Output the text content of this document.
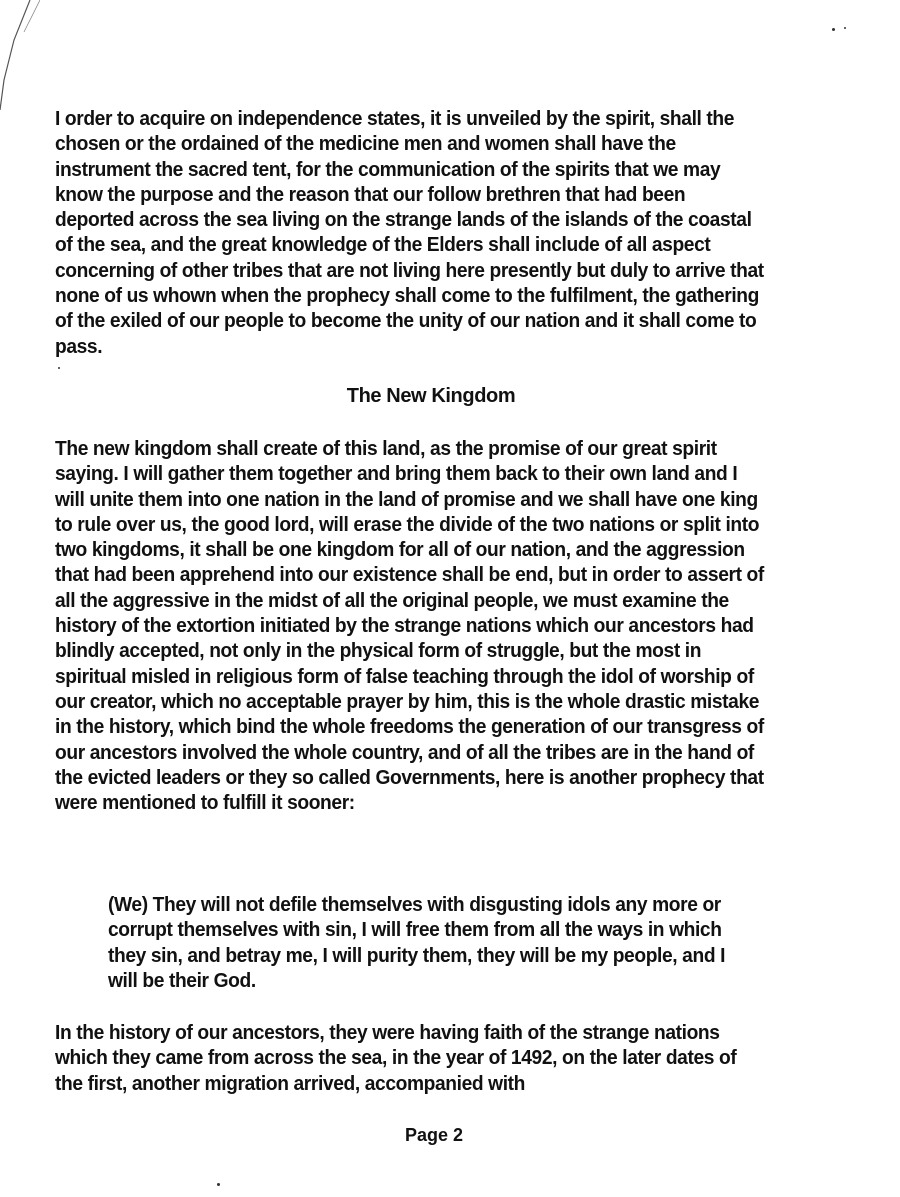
I order to acquire on independence states, it is unveiled by the spirit, shall the chosen or the ordained of the medicine men and women shall have the instrument the sacred tent, for the communication of the spirits that we may know the purpose and the reason that our follow brethren that had been deported across the sea living on the strange lands of the islands of the coastal of the sea, and the great knowledge of the Elders shall include of all aspect concerning of other tribes that are not living here presently but duly to arrive that none of us whown when the prophecy shall come to the fulfilment, the gathering of the exiled of our people to become the unity of our nation and it shall come to pass.

The New Kingdom

The new kingdom shall create of this land, as the promise of our great spirit saying. I will gather them together and bring them back to their own land and I will unite them into one nation in the land of promise and we shall have one king to rule over us, the good lord, will erase the divide of the two nations or split into two kingdoms, it shall be one kingdom for all of our nation, and the aggression that had been apprehend into our existence shall be end, but in order to assert of all the aggressive in the midst of all the original people, we must examine the history of the extortion initiated by the strange nations which our ancestors had blindly accepted, not only in the physical form of struggle, but the most in spiritual misled in religious form of false teaching through the idol of worship of our creator, which no acceptable prayer by him, this is the whole drastic mistake in the history, which bind the whole freedoms the generation of our transgress of our ancestors involved the whole country, and of all the tribes are in the hand of the evicted leaders or they so called Governments, here is another prophecy that were mentioned to fulfill it sooner:

(We) They will not defile themselves with disgusting idols any more or corrupt themselves with sin, I will free them from all the ways in which they sin, and betray me, I will purity them, they will be my people, and I will be their God.

In the history of our ancestors, they were having faith of the strange nations which they came from across the sea, in the year of 1492, on the later dates of the first, another migration arrived, accompanied with

Page 2
